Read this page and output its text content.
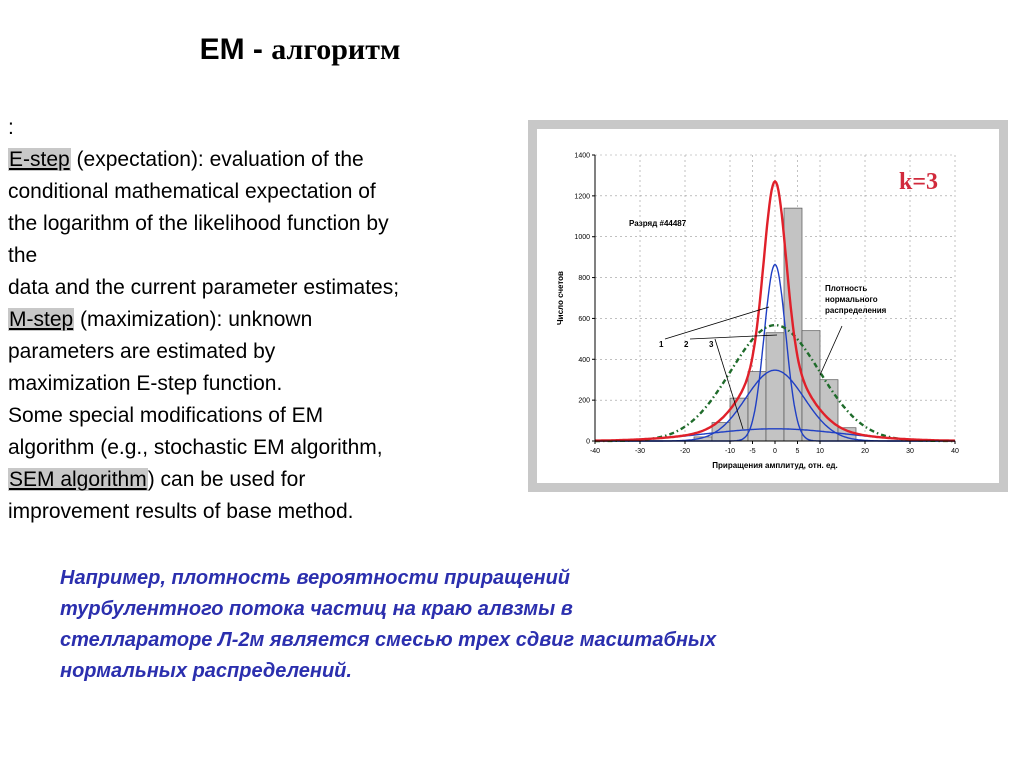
EM - алгоритм

:

E-step (expectation): evaluation of the

conditional mathematical expectation of

the logarithm of the likelihood function by

the

data and the current parameter estimates;

M-step (maximization): unknown

parameters are estimated by

maximization E-step function.

Some special modifications of EM

algorithm (e.g., stochastic EM algorithm,

SEM algorithm) can be used for

improvement results of base method.

-40	-30	-20	-10 -5 0	5 10	20	30	40
0
200
400
600
800
1000
1200
1400
Приращения амплитуд, отн. ед.
Число счетов
Разряд #44487
Плотность
нормального
распределения
1	2	3
k=3

Например, плотность вероятности приращений

турбулентного потока частиц на краю алвзмы в

стеллараторе Л-2м является смесью трех сдвиг масштабных

нормальных распределений.
